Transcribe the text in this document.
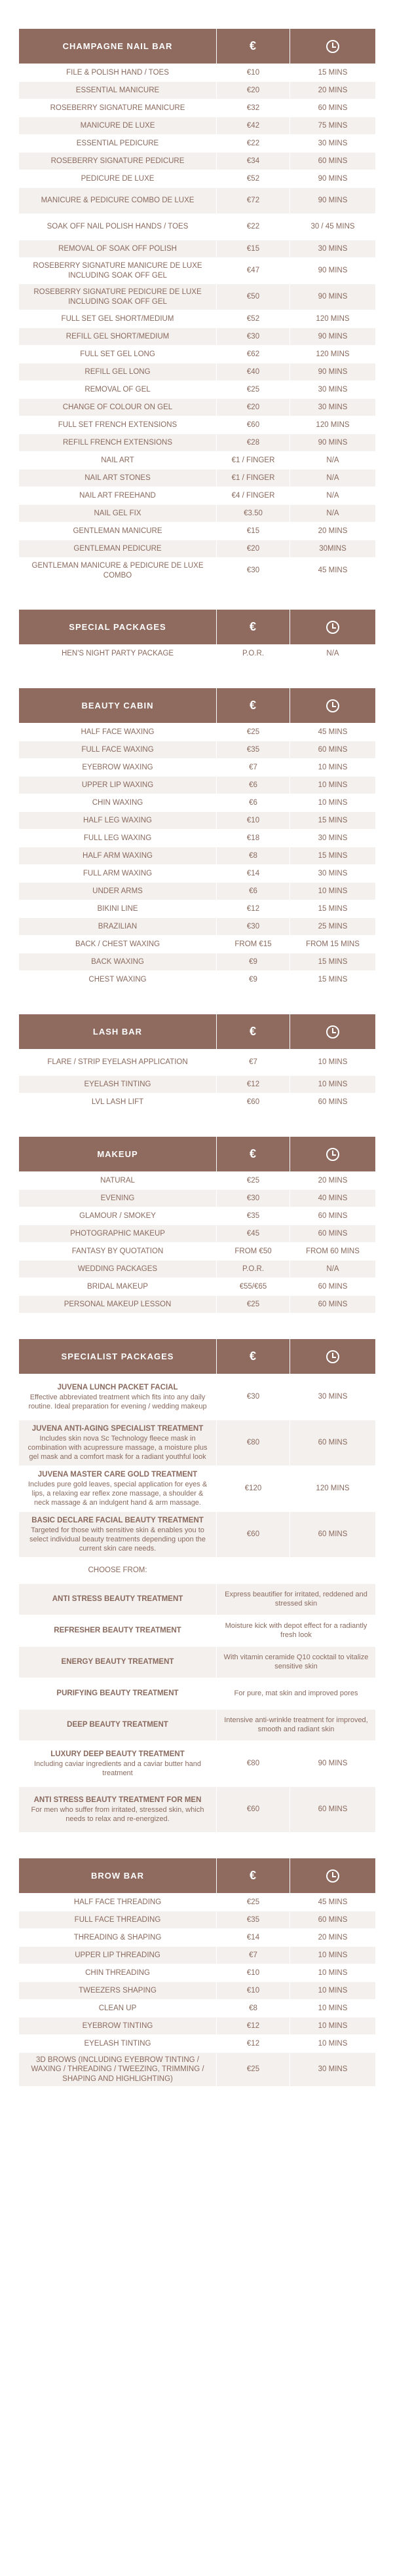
CHAMPAGNE NAIL BAR	€
FILE & POLISH HAND / TOES	€10	15 MINS
ESSENTIAL MANICURE	€20	20 MINS
ROSEBERRY SIGNATURE MANICURE	€32	60 MINS
MANICURE DE LUXE	€42	75 MINS
ESSENTIAL PEDICURE	€22	30 MINS
ROSEBERRY SIGNATURE PEDICURE	€34	60 MINS
PEDICURE DE LUXE	€52	90 MINS
MANICURE & PEDICURE COMBO DE LUXE	€72	90 MINS
SOAK OFF NAIL POLISH HANDS / TOES	€22	30 / 45 MINS
REMOVAL OF SOAK OFF POLISH	€15	30 MINS
ROSEBERRY SIGNATURE MANICURE DE LUXE INCLUDING SOAK OFF GEL
€47	90 MINS
ROSEBERRY SIGNATURE PEDICURE DE LUXE INCLUDING SOAK OFF GEL
€50	90 MINS
FULL SET GEL SHORT/MEDIUM	€52	120 MINS
REFILL GEL SHORT/MEDIUM	€30	90 MINS
FULL SET GEL LONG	€62	120 MINS
REFILL GEL LONG	€40	90 MINS
REMOVAL OF GEL	€25	30 MINS
CHANGE OF COLOUR ON GEL	€20	30 MINS
FULL SET FRENCH EXTENSIONS	€60	120 MINS
REFILL FRENCH EXTENSIONS	€28	90 MINS
NAIL ART	€1 / FINGER	N/A
NAIL ART STONES	€1 / FINGER	N/A
NAIL ART FREEHAND	€4 / FINGER	N/A
NAIL GEL FIX	€3.50	N/A
GENTLEMAN MANICURE	€15	20 MINS
GENTLEMAN PEDICURE	€20	30MINS
GENTLEMAN MANICURE & PEDICURE DE LUXE COMBO
€30	45 MINS
SPECIAL PACKAGES	€
HEN'S NIGHT PARTY PACKAGE	P.O.R.	N/A
BEAUTY CABIN	€
HALF FACE WAXING	€25	45 MINS
FULL FACE WAXING	€35	60 MINS
EYEBROW WAXING	€7	10 MINS
UPPER LIP WAXING	€6	10 MINS
CHIN WAXING	€6	10 MINS
HALF LEG WAXING	€10	15 MINS
FULL LEG WAXING	€18	30 MINS
HALF ARM WAXING	€8	15 MINS
FULL ARM WAXING	€14	30 MINS
UNDER ARMS	€6	10 MINS
BIKINI LINE	€12	15 MINS
BRAZILIAN	€30	25 MINS
BACK / CHEST WAXING	FROM €15	FROM 15 MINS
BACK WAXING	€9	15 MINS
CHEST WAXING	€9	15 MINS
LASH BAR	€
FLARE / STRIP EYELASH APPLICATION	€7	10 MINS
EYELASH TINTING	€12	10 MINS
LVL LASH LIFT	€60	60 MINS
MAKEUP	€
NATURAL	€25	20 MINS
EVENING	€30	40 MINS
GLAMOUR / SMOKEY	€35	60 MINS
PHOTOGRAPHIC MAKEUP	€45	60 MINS
FANTASY BY QUOTATION	FROM €50	FROM 60 MINS
WEDDING PACKAGES	P.O.R.	N/A
BRIDAL MAKEUP	€55/€65	60 MINS
PERSONAL MAKEUP LESSON	€25	60 MINS
SPECIALIST PACKAGES	€
JUVENA LUNCH PACKET FACIAL
Effective abbreviated treatment which fits into any daily routine. Ideal preparation for evening / wedding makeup
€30	30 MINS
JUVENA ANTI-AGING SPECIALIST TREATMENT
Includes skin nova Sc Technology fleece mask in combination with acupressure massage, a moisture plus gel mask and a comfort mask for a radiant youthful look
€80	60 MINS
JUVENA MASTER CARE GOLD TREATMENT
Includes pure gold leaves, special application for eyes & lips, a relaxing ear reflex zone massage, a shoulder & neck massage & an indulgent hand & arm massage.
€120	120 MINS
BASIC DECLARE FACIAL BEAUTY TREATMENT
Targeted for those with sensitive skin & enables you to select individual beauty treatments depending upon the current skin care needs.
€60	60 MINS
CHOOSE FROM:
ANTI STRESS BEAUTY TREATMENT
Express beautifier for irritated, reddened and stressed skin
REFRESHER BEAUTY TREATMENT
Moisture kick with depot effect for a radiantly fresh look
ENERGY BEAUTY TREATMENT
With vitamin ceramide Q10 cocktail to vitalize sensitive skin
PURIFYING BEAUTY TREATMENT	For pure, mat skin and improved pores
DEEP BEAUTY TREATMENT
Intensive anti-wrinkle treatment for improved, smooth and radiant skin
LUXURY DEEP BEAUTY TREATMENT
Including caviar ingredients and a caviar butter hand treatment
€80	90 MINS
ANTI STRESS BEAUTY TREATMENT FOR MEN
For men who suffer from irritated, stressed skin, which needs to relax and re-energized.
€60	60 MINS
BROW BAR	€
HALF FACE THREADING	€25	45 MINS
FULL FACE THREADING	€35	60 MINS
THREADING & SHAPING	€14	20 MINS
UPPER LIP THREADING	€7	10 MINS
CHIN THREADING	€10	10 MINS
TWEEZERS SHAPING	€10	10 MINS
CLEAN UP	€8	10 MINS
EYEBROW TINTING	€12	10 MINS
EYELASH TINTING	€12	10 MINS
3D BROWS (INCLUDING EYEBROW TINTING / WAXING / THREADING / TWEEZING, TRIMMING / SHAPING AND HIGHLIGHTING)
€25	30 MINS
